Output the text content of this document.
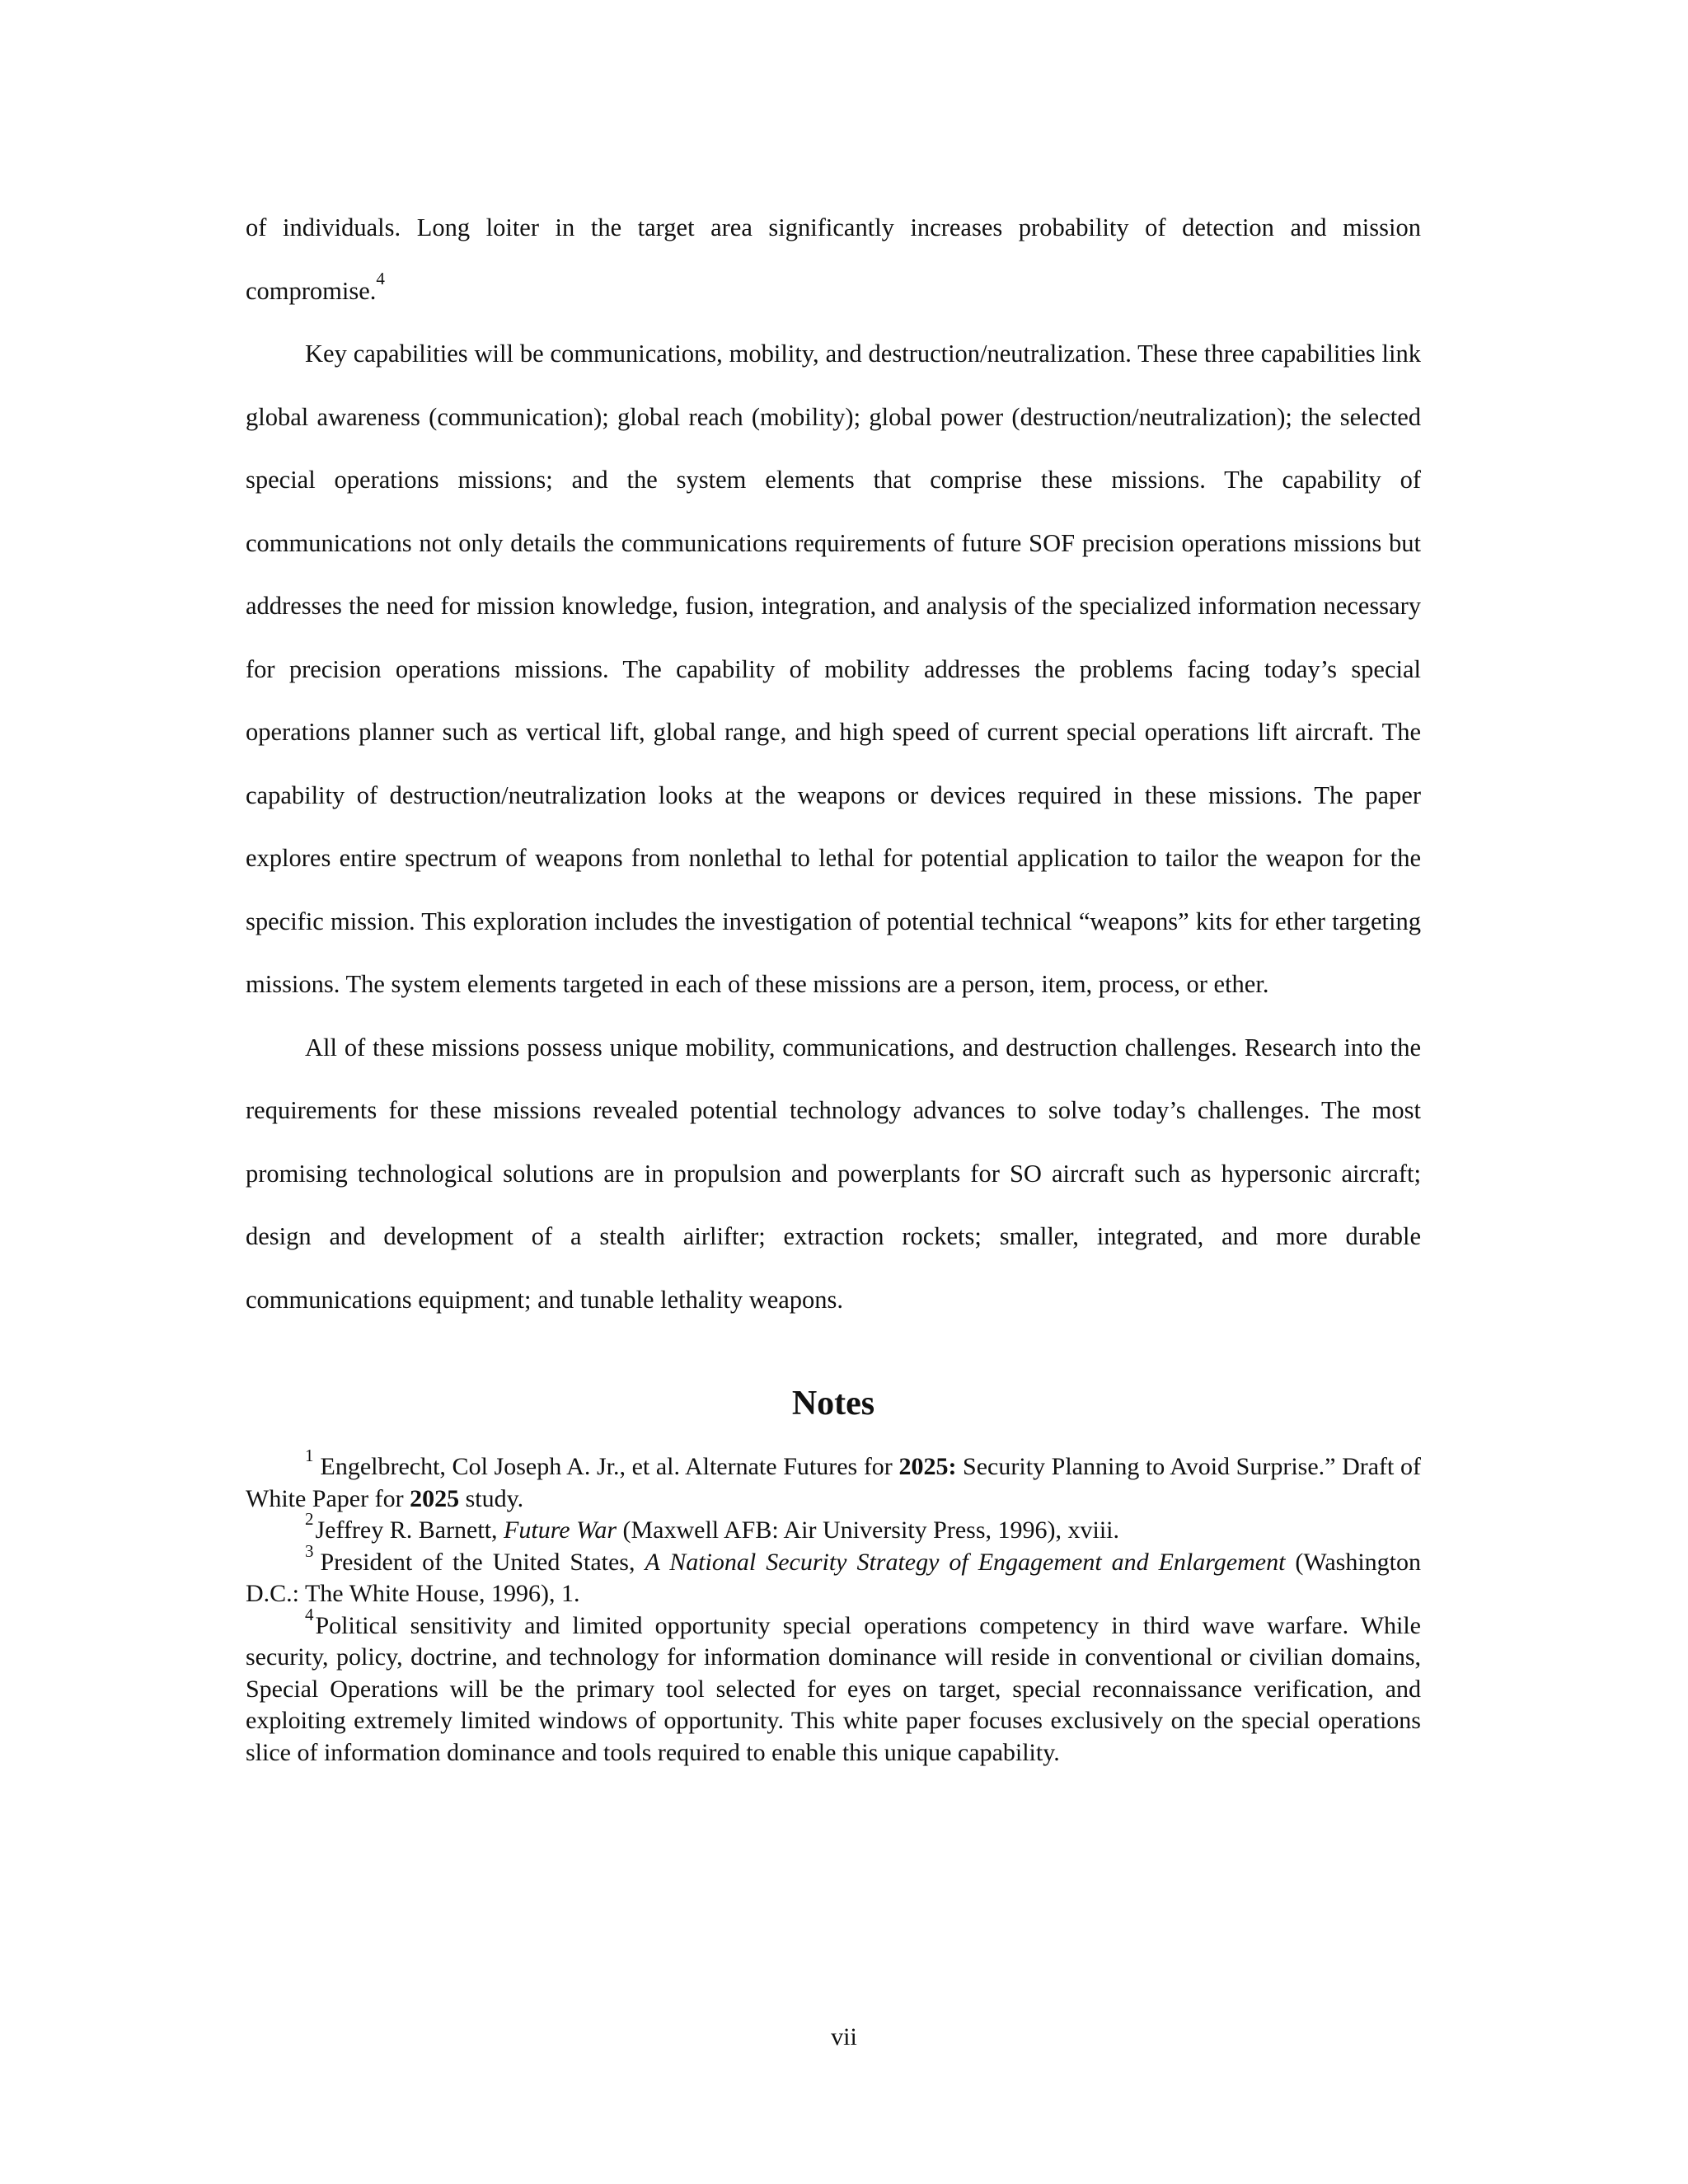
of individuals. Long loiter in the target area significantly increases probability of detection and mission compromise.$^4$

Key capabilities will be communications, mobility, and destruction/neutralization. These three capabilities link global awareness (communication); global reach (mobility); global power (destruction/neutralization); the selected special operations missions; and the system elements that comprise these missions. The capability of communications not only details the communications requirements of future SOF precision operations missions but addresses the need for mission knowledge, fusion, integration, and analysis of the specialized information necessary for precision operations missions. The capability of mobility addresses the problems facing today’s special operations planner such as vertical lift, global range, and high speed of current special operations lift aircraft. The capability of destruction/neutralization looks at the weapons or devices required in these missions. The paper explores entire spectrum of weapons from nonlethal to lethal for potential application to tailor the weapon for the specific mission. This exploration includes the investigation of potential technical “weapons” kits for ether targeting missions. The system elements targeted in each of these missions are a person, item, process, or ether.

All of these missions possess unique mobility, communications, and destruction challenges. Research into the requirements for these missions revealed potential technology advances to solve today’s challenges. The most promising technological solutions are in propulsion and powerplants for SO aircraft such as hypersonic aircraft; design and development of a stealth airlifter; extraction rockets; smaller, integrated, and more durable communications equipment; and tunable lethality weapons.

Notes

$^1$ Engelbrecht, Col Joseph A. Jr., et al. Alternate Futures for 2025: Security Planning to Avoid Surprise.” Draft of White Paper for 2025 study.

$^2$Jeffrey R. Barnett, Future War (Maxwell AFB: Air University Press, 1996), xviii.

$^3$ President of the United States, A National Security Strategy of Engagement and Enlargement (Washington D.C.: The White House, 1996), 1.

$^4$Political sensitivity and limited opportunity special operations competency in third wave warfare. While security, policy, doctrine, and technology for information dominance will reside in conventional or civilian domains, Special Operations will be the primary tool selected for eyes on target, special reconnaissance verification, and exploiting extremely limited windows of opportunity. This white paper focuses exclusively on the special operations slice of information dominance and tools required to enable this unique capability.

vii
